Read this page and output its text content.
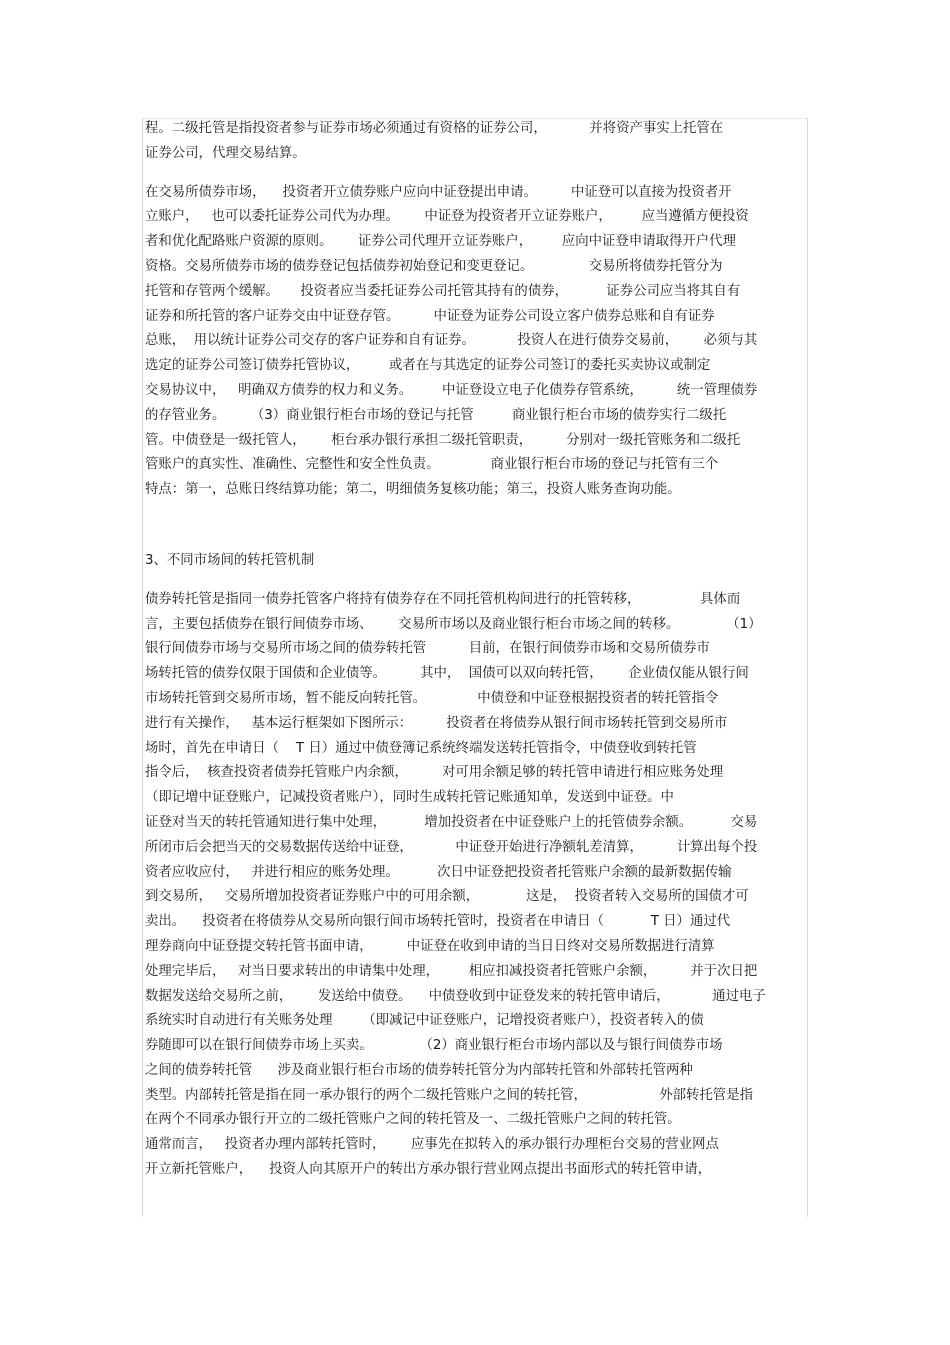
程。二级托管是指投资者参与证券市场必须通过有资格的证券公司，          并将资产事实上托管在
证券公司，代理交易结算。
在交易所债券市场，    投资者开立债券账户应向中证登提出申请。        中证登可以直接为投资者开
立账户，   也可以委托证券公司代为办理。      中证登为投资者开立证券账户，       应当遵循方便投资
者和优化配路账户资源的原则。      证券公司代理开立证券账户，       应向中证登申请取得开户代理
资格。交易所债券市场的债券登记包括债券初始登记和变更登记。             交易所将债券托管分为
托管和存管两个缓解。     投资者应当委托证券公司托管其持有的债券，         证券公司应当将其自有
证券和所托管的客户证券交由中证登存管。        中证登为证券公司设立客户债券总账和自有证券
总账，  用以统计证券公司交存的客户证券和自有证券。          投资人在进行债券交易前，      必须与其
选定的证券公司签订债券托管协议，       或者在与其选定的证券公司签订的委托买卖协议或制定
交易协议中，   明确双方债券的权力和义务。       中证登设立电子化债券存管系统，        统一管理债券
的存管业务。      （3）商业银行柜台市场的登记与托管         商业银行柜台市场的债券实行二级托
管。中债登是一级托管人，      柜台承办银行承担二级托管职责，        分别对一级托管账务和二级托
管账户的真实性、准确性、完整性和安全性负责。            商业银行柜台市场的登记与托管有三个
特点：第一，总账日终结算功能；第二，明细债务复核功能；第三，投资人账务查询功能。
3、不同市场间的转托管机制
债券转托管是指同一债券托管客户将持有债券存在不同托管机构间进行的托管转移，              具体而
言，主要包括债券在银行间债券市场、      交易所市场以及商业银行柜台市场之间的转移。           （1）
银行间债券市场与交易所市场之间的债券转托管          目前，在银行间债券市场和交易所债券市
场转托管的债券仅限于国债和企业债等。        其中，  国债可以双向转托管，      企业债仅能从银行间
市场转托管到交易所市场，暂不能反向转托管。            中债登和中证登根据投资者的转托管指令
进行有关操作，   基本运行框架如下图所示：        投资者在将债券从银行间市场转托管到交易所市
场时，首先在申请日（    T 日）通过中债登簿记系统终端发送转托管指令，中债登收到转托管
指令后，  核查投资者债券托管账户内余额，        对可用余额足够的转托管申请进行相应账务处理
（即记增中证登账户，记减投资者账户），同时生成转托管记账通知单，发送到中证登。中
证登对当天的转托管通知进行集中处理，         增加投资者在中证登账户上的托管债券余额。         交易
所闭市后会把当天的交易数据传送给中证登，          中证登开始进行净额轧差清算，        计算出每个投
资者应收应付，   并进行相应的账务处理。         次日中证登把投资者托管账户余额的最新数据传输
到交易所，   交易所增加投资者证券账户中的可用余额，           这是，  投资者转入交易所的国债才可
卖出。    投资者在将债券从交易所向银行间市场转托管时，投资者在申请日（           T 日）通过代
理券商向中证登提交转托管书面申请，        中证登在收到申请的当日日终对交易所数据进行清算
处理完毕后，   对当日要求转出的申请集中处理，       相应扣减投资者托管账户余额，        并于次日把
数据发送给交易所之前，      发送给中债登。    中债登收到中证登发来的转托管申请后，          通过电子
系统实时自动进行有关账务处理       （即减记中证登账户，记增投资者账户），投资者转入的债
券随即可以在银行间债券市场上买卖。           （2）商业银行柜台市场内部以及与银行间债券市场
之间的债券转托管      涉及商业银行柜台市场的债券转托管分为内部转托管和外部转托管两种
类型。内部转托管是指在同一承办银行的两个二级托管账户之间的转托管，                 外部转托管是指
在两个不同承办银行开立的二级托管账户之间的转托管及一、二级托管账户之间的转托管。
通常而言，   投资者办理内部转托管时，      应事先在拟转入的承办银行办理柜台交易的营业网点
开立新托管账户，    投资人向其原开户的转出方承办银行营业网点提出书面形式的转托管申请，
